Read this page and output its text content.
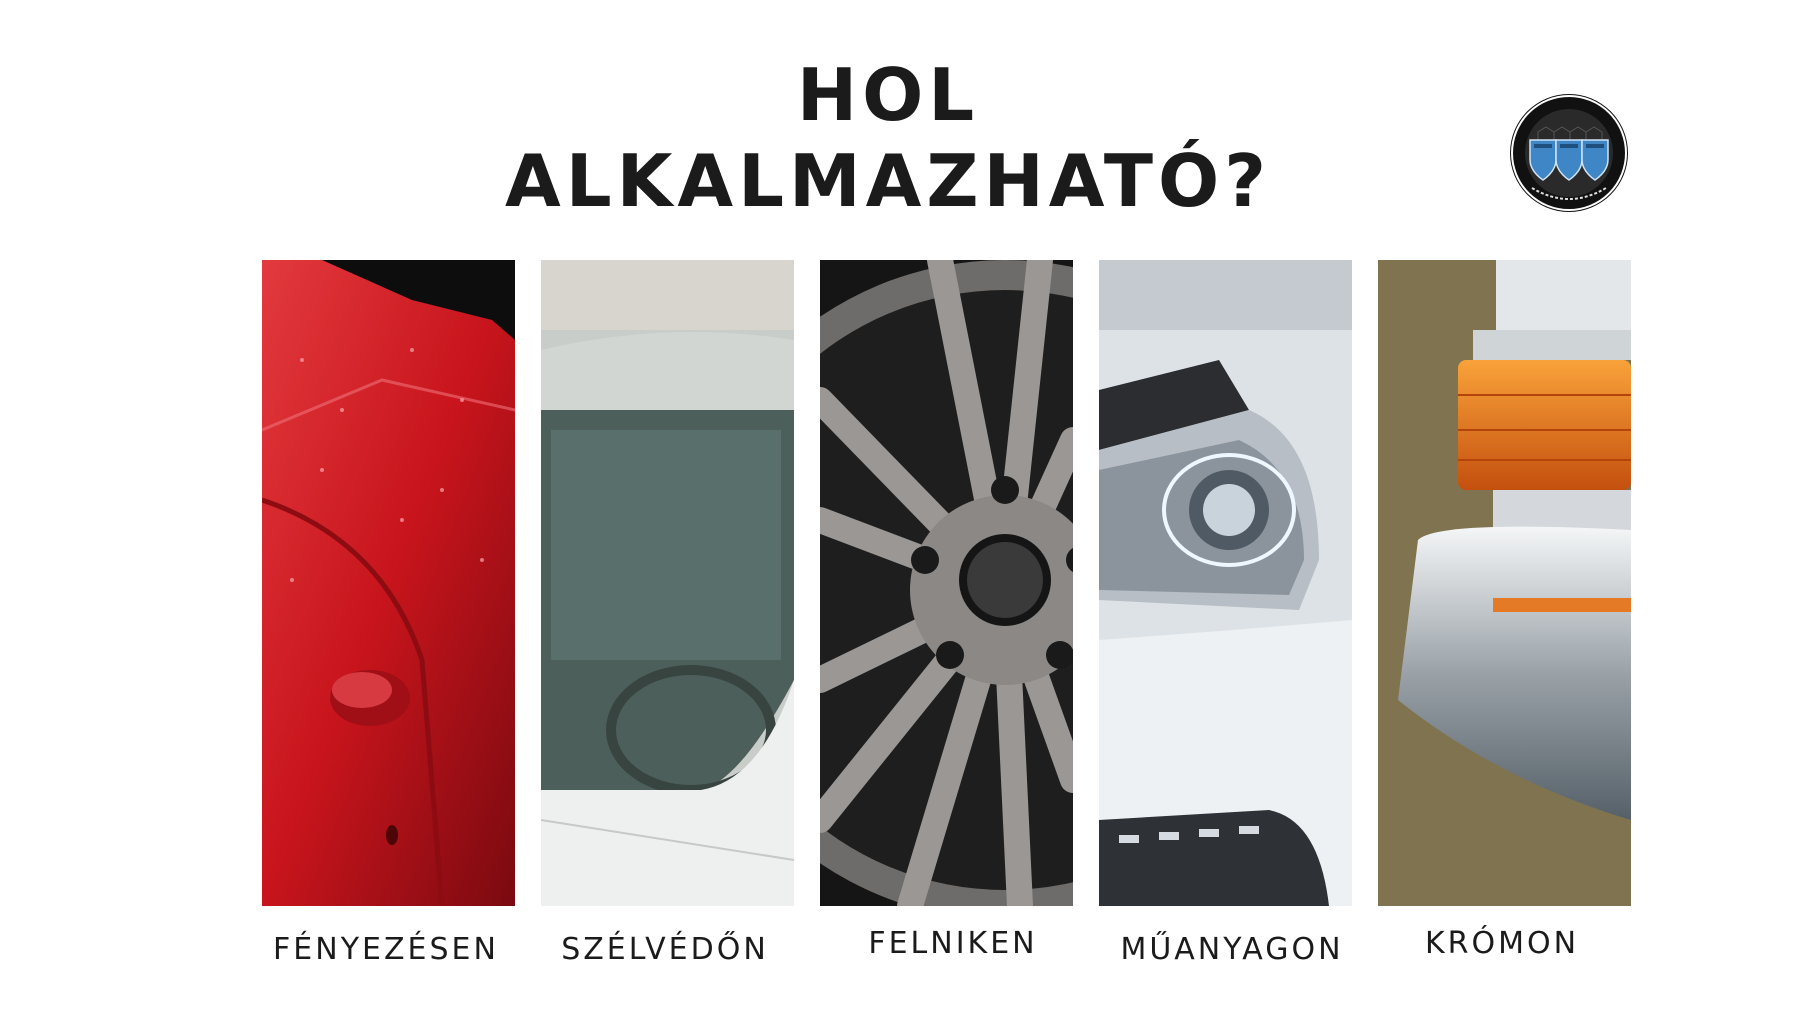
HOL
ALKALMAZHATÓ?
FÉNYEZÉSEN	SZÉLVÉDŐN	FELNIKEN	MŰANYAGON	KRÓMON
